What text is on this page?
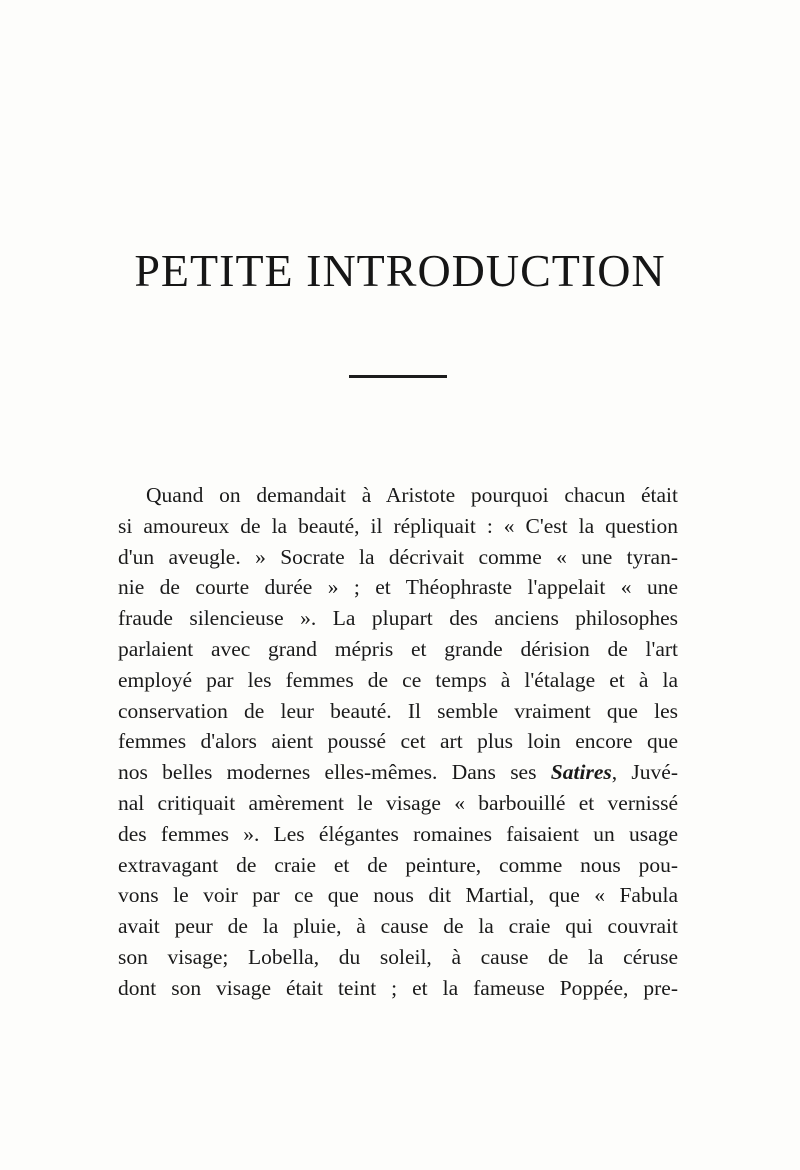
PETITE INTRODUCTION
Quand on demandait à Aristote pourquoi chacun était
si amoureux de la beauté, il répliquait : « C'est la question
d'un aveugle. » Socrate la décrivait comme « une tyran-
nie de courte durée » ; et Théophraste l'appelait « une
fraude silencieuse ». La plupart des anciens philosophes
parlaient avec grand mépris et grande dérision de l'art
employé par les femmes de ce temps à l'étalage et à la
conservation de leur beauté. Il semble vraiment que les
femmes d'alors aient poussé cet art plus loin encore que
nos belles modernes elles-mêmes. Dans ses Satires, Juvé-
nal critiquait amèrement le visage « barbouillé et vernissé
des femmes ». Les élégantes romaines faisaient un usage
extravagant de craie et de peinture, comme nous pou-
vons le voir par ce que nous dit Martial, que « Fabula
avait peur de la pluie, à cause de la craie qui couvrait
son visage; Lobella, du soleil, à cause de la céruse
dont son visage était teint ; et la fameuse Poppée, pre-
